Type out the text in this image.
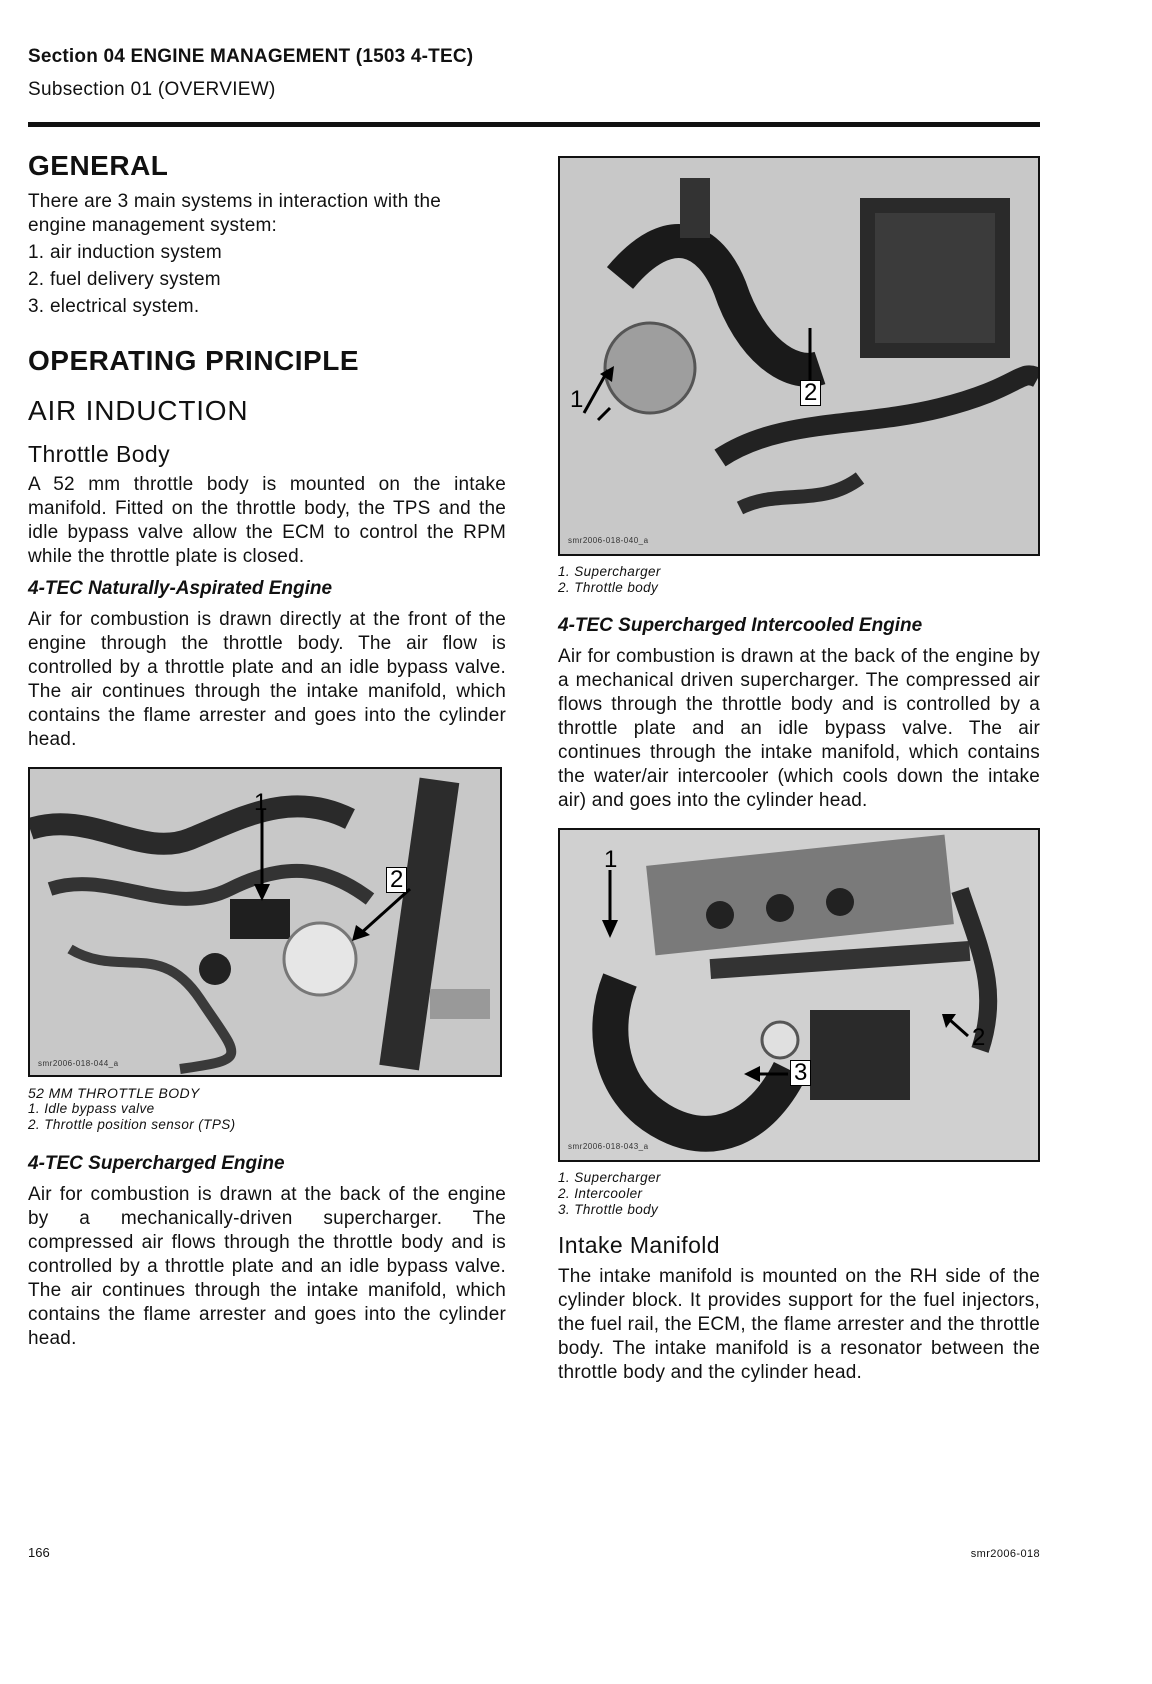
Section 04 ENGINE MANAGEMENT (1503 4-TEC)
Subsection 01 (OVERVIEW)
GENERAL

There are 3 main systems in interaction with the engine management system:

1. air induction system
2. fuel delivery system
3. electrical system.
OPERATING PRINCIPLE
AIR INDUCTION
Throttle Body

A 52 mm throttle body is mounted on the intake manifold. Fitted on the throttle body, the TPS and the idle bypass valve allow the ECM to control the RPM while the throttle plate is closed.

4-TEC Naturally-Aspirated Engine

Air for combustion is drawn directly at the front of the engine through the throttle body. The air flow is controlled by a throttle plate and an idle bypass valve. The air continues through the intake manifold, which contains the flame arrester and goes into the cylinder head.

1
2
smr2006-018-044_a
52 MM THROTTLE BODY
1. Idle bypass valve
2. Throttle position sensor (TPS)
4-TEC Supercharged Engine

Air for combustion is drawn at the back of the engine by a mechanically-driven supercharger. The compressed air flows through the throttle body and is controlled by a throttle plate and an idle bypass valve. The air continues through the intake manifold, which contains the flame arrester and goes into the cylinder head.

1	2
smr2006-018-040_a
1. Supercharger
2. Throttle body
4-TEC Supercharged Intercooled Engine

Air for combustion is drawn at the back of the engine by a mechanical driven supercharger. The compressed air flows through the throttle body and is controlled by a throttle plate and an idle bypass valve. The air continues through the intake manifold, which contains the water/air intercooler (which cools down the intake air) and goes into the cylinder head.

1
2
3
smr2006-018-043_a
1. Supercharger
2. Intercooler
3. Throttle body
Intake Manifold

The intake manifold is mounted on the RH side of the cylinder block. It provides support for the fuel injectors, the fuel rail, the ECM, the flame arrester and the throttle body. The intake manifold is a resonator between the throttle body and the cylinder head.

166	smr2006-018
